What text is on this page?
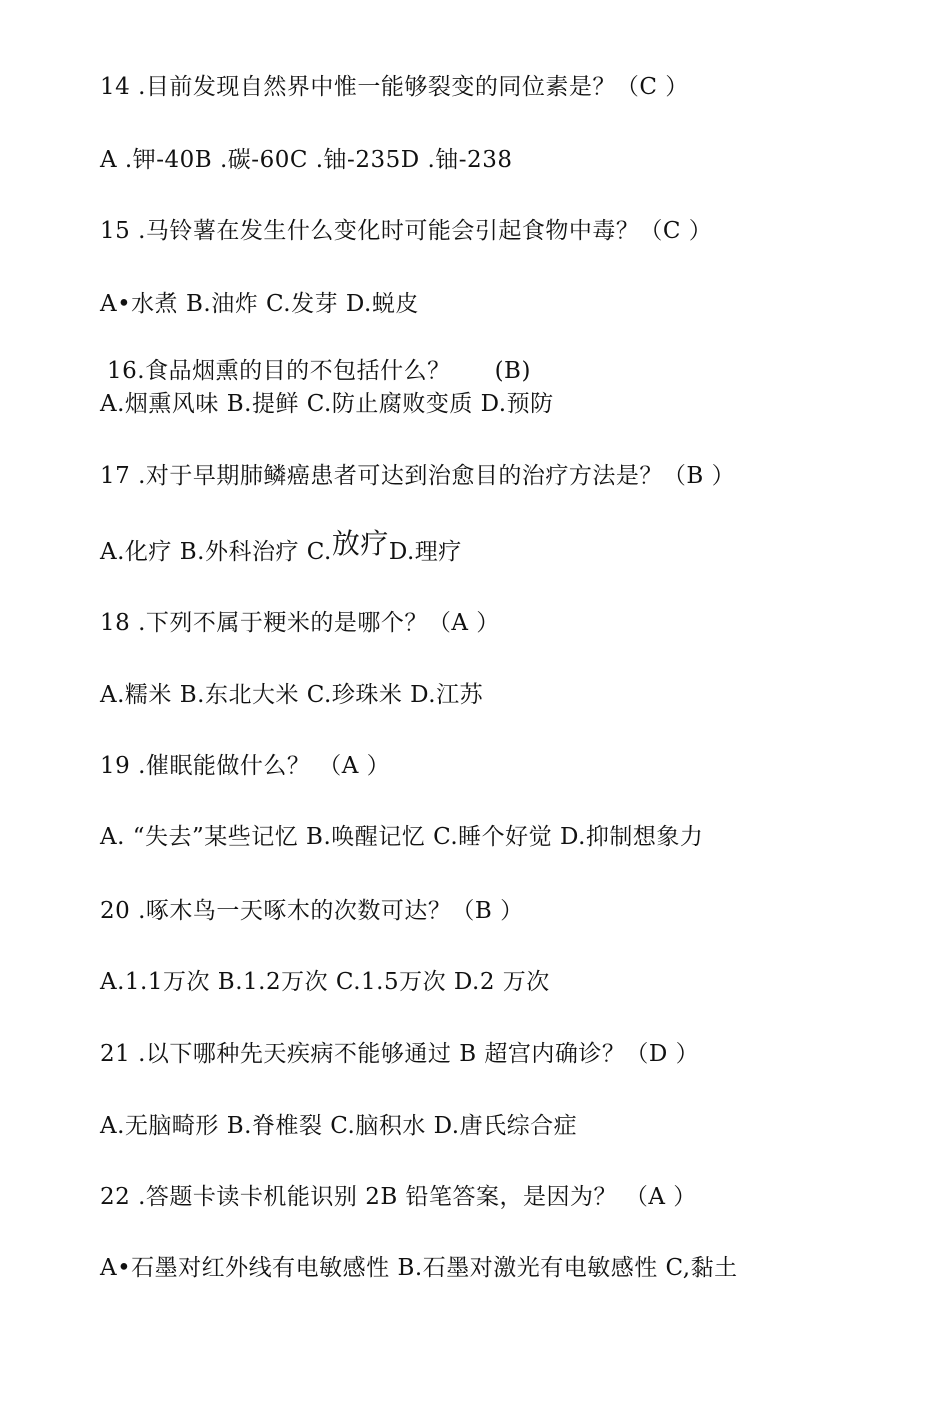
14 .目前发现自然界中惟一能够裂变的同位素是？（C ）
A .钾-40B .碳-60C .铀-235D .铀-238
15 .马铃薯在发生什么变化时可能会引起食物中毒？（C ）
A•水煮 B.油炸 C.发芽 D.蜕皮
16.食品烟熏的目的不包括什么？ (B)
A.烟熏风味 B.提鲜 C.防止腐败变质 D.预防
17 .对于早期肺鳞癌患者可达到治愈目的治疗方法是？（B ）
A.化疗 B.外科治疗 C.放疗D.理疗
18 .下列不属于粳米的是哪个？（A ）
A.糯米 B.东北大米 C.珍珠米 D.江苏
19 .催眠能做什么？ （A ）
A. “失去”某些记忆 B.唤醒记忆 C.睡个好觉 D.抑制想象力
20 .啄木鸟一天啄木的次数可达？（B ）
A.1.1万次 B.1.2万次 C.1.5万次 D.2 万次
21 .以下哪种先天疾病不能够通过 B 超宫内确诊？（D ）
A.无脑畸形 B.脊椎裂 C.脑积水 D.唐氏综合症
22 .答题卡读卡机能识别 2B 铅笔答案，是因为？ （A ）
A•石墨对红外线有电敏感性 B.石墨对激光有电敏感性 C,黏土
